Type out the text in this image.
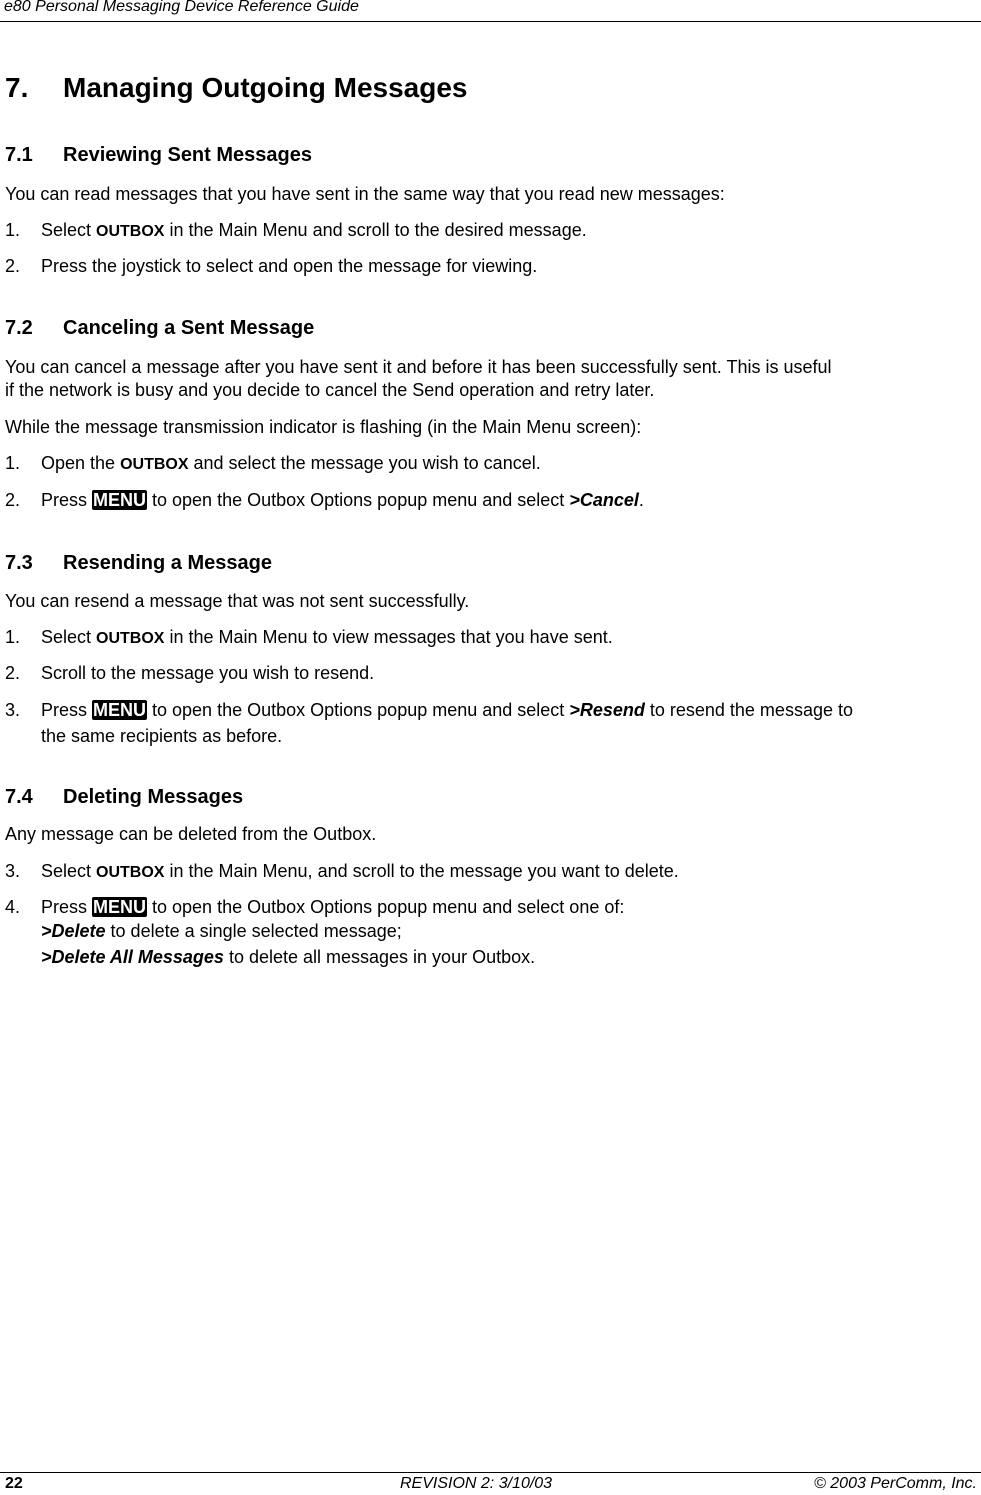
e80 Personal Messaging Device Reference Guide
7. Managing Outgoing Messages
7.1 Reviewing Sent Messages
You can read messages that you have sent in the same way that you read new messages:
1. Select OUTBOX in the Main Menu and scroll to the desired message.
2. Press the joystick to select and open the message for viewing.
7.2 Canceling a Sent Message
You can cancel a message after you have sent it and before it has been successfully sent. This is useful
if the network is busy and you decide to cancel the Send operation and retry later.
While the message transmission indicator is flashing (in the Main Menu screen):
1. Open the OUTBOX and select the message you wish to cancel.
2. Press MENU to open the Outbox Options popup menu and select >Cancel.
7.3 Resending a Message
You can resend a message that was not sent successfully.
1. Select OUTBOX in the Main Menu to view messages that you have sent.
2. Scroll to the message you wish to resend.
3. Press MENU to open the Outbox Options popup menu and select >Resend to resend the message to
the same recipients as before.
7.4 Deleting Messages
Any message can be deleted from the Outbox.
3. Select OUTBOX in the Main Menu, and scroll to the message you want to delete.
4. Press MENU to open the Outbox Options popup menu and select one of:
>Delete to delete a single selected message;
>Delete All Messages to delete all messages in your Outbox.
22	REVISION 2: 3/10/03	© 2003 PerComm, Inc.
